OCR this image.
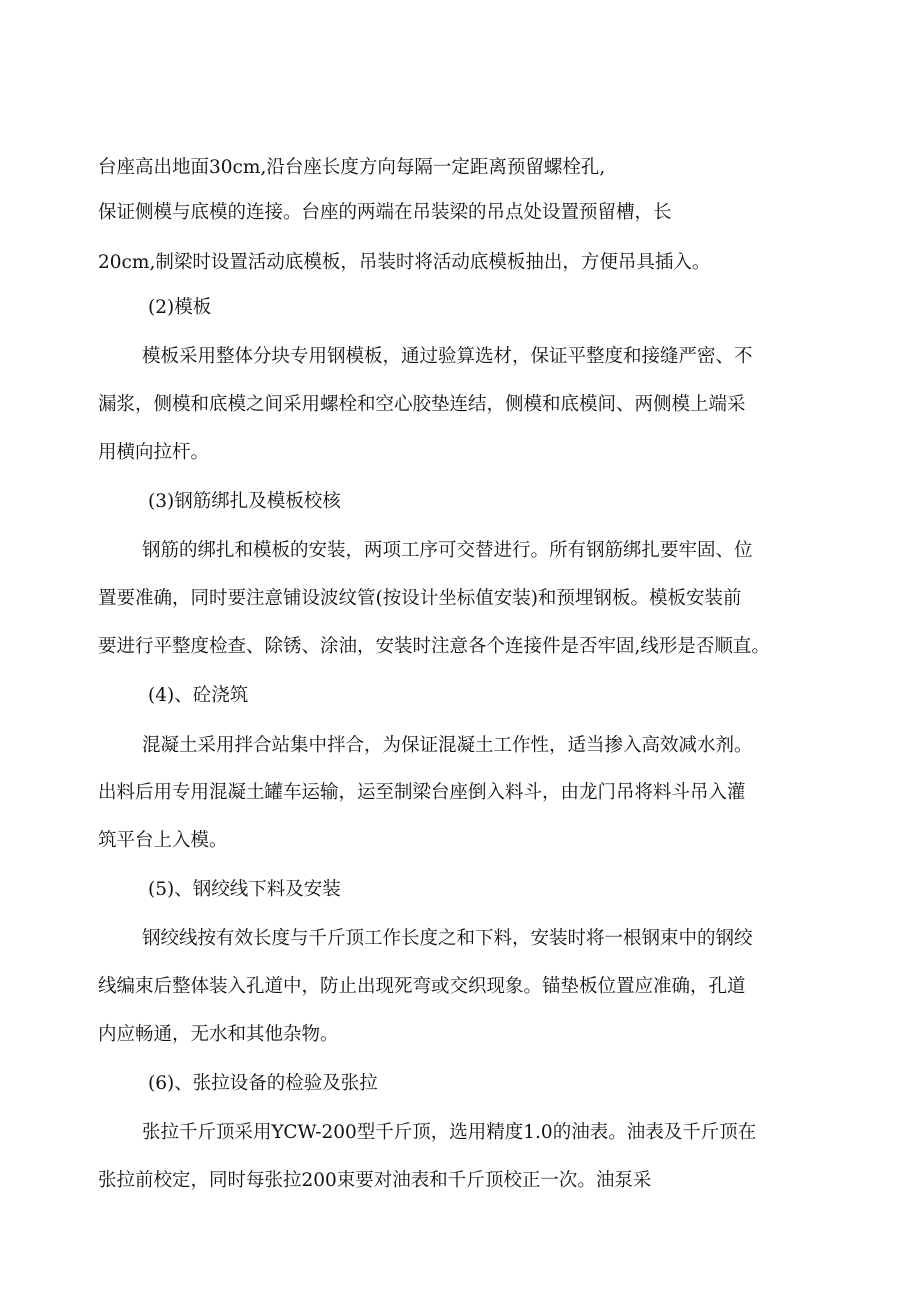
台座高出地面30cm,沿台座长度方向每隔一定距离预留螺栓孔,

保证侧模与底模的连接。台座的两端在吊装梁的吊点处设置预留槽，长

20cm,制梁时设置活动底模板，吊装时将活动底模板抽出，方便吊具插入。

(2)模板

模板采用整体分块专用钢模板，通过验算选材，保证平整度和接缝严密、不

漏浆，侧模和底模之间采用螺栓和空心胶垫连结，侧模和底模间、两侧模上端采

用横向拉杆。

(3)钢筋绑扎及模板校核

钢筋的绑扎和模板的安装，两项工序可交替进行。所有钢筋绑扎要牢固、位

置要准确，同时要注意铺设波纹管(按设计坐标值安装)和预埋钢板。模板安装前

要进行平整度检查、除锈、涂油，安装时注意各个连接件是否牢固,线形是否顺直。

(4)、砼浇筑

混凝土采用拌合站集中拌合，为保证混凝土工作性，适当掺入高效减水剂。

出料后用专用混凝土罐车运输，运至制梁台座倒入料斗，由龙门吊将料斗吊入灌

筑平台上入模。

(5)、钢绞线下料及安装

钢绞线按有效长度与千斤顶工作长度之和下料，安装时将一根钢束中的钢绞

线编束后整体装入孔道中，防止出现死弯或交织现象。锚垫板位置应准确，孔道

内应畅通，无水和其他杂物。

(6)、张拉设备的检验及张拉

张拉千斤顶采用YCW-200型千斤顶，选用精度1.0的油表。油表及千斤顶在

张拉前校定，同时每张拉200束要对油表和千斤顶校正一次。油泵采
